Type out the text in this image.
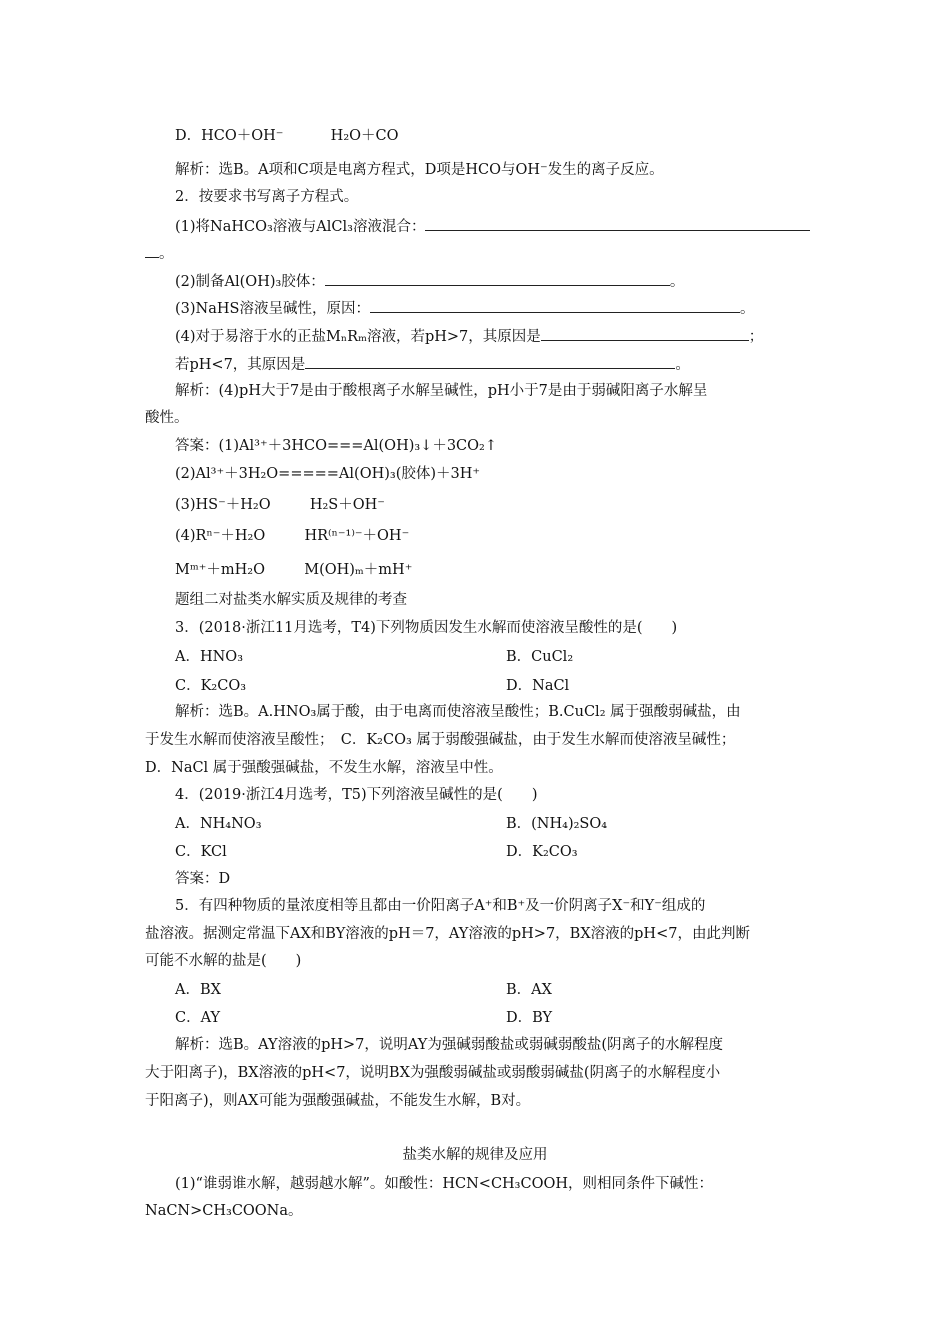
D．HCO＋OH⁻	H₂O＋CO
解析：选B。A项和C项是电离方程式，D项是HCO与OH⁻发生的离子反应。
2．按要求书写离子方程式。
(1)将NaHCO₃溶液与AlCl₃溶液混合：
。
(2)制备Al(OH)₃胶体：	。
(3)NaHS溶液呈碱性，原因：	。
(4)对于易溶于水的正盐MₙRₘ溶液，若pH>7，其原因是	；
若pH<7，其原因是	。
解析：(4)pH大于7是由于酸根离子水解呈碱性，pH小于7是由于弱碱阳离子水解呈
酸性。
答案：(1)Al³⁺＋3HCO===Al(OH)₃↓＋3CO₂↑
(2)Al³⁺＋3H₂O=====Al(OH)₃(胶体)＋3H⁺
(3)HS⁻＋H₂O	H₂S＋OH⁻
(4)Rⁿ⁻＋H₂O	HR⁽ⁿ⁻¹⁾⁻＋OH⁻
Mᵐ⁺＋mH₂O	M(OH)ₘ＋mH⁺
题组二对盐类水解实质及规律的考查
3．(2018·浙江11月选考，T4)下列物质因发生水解而使溶液呈酸性的是(　　)
A．HNO₃	B．CuCl₂
C．K₂CO₃	D．NaCl
解析：选B。A.HNO₃属于酸，由于电离而使溶液呈酸性；B.CuCl₂ 属于强酸弱碱盐，由
于发生水解而使溶液呈酸性；　C．K₂CO₃ 属于弱酸强碱盐，由于发生水解而使溶液呈碱性；
D．NaCl 属于强酸强碱盐，不发生水解，溶液呈中性。
4．(2019·浙江4月选考，T5)下列溶液呈碱性的是(　　)
A．NH₄NO₃	B．(NH₄)₂SO₄
C．KCl	D．K₂CO₃
答案：D
5．有四种物质的量浓度相等且都由一价阳离子A⁺和B⁺及一价阴离子X⁻和Y⁻组成的
盐溶液。据测定常温下AX和BY溶液的pH＝7，AY溶液的pH>7，BX溶液的pH<7，由此判断
可能不水解的盐是(　　)
A．BX	B．AX
C．AY	D．BY
解析：选B。AY溶液的pH>7，说明AY为强碱弱酸盐或弱碱弱酸盐(阴离子的水解程度
大于阳离子)，BX溶液的pH<7，说明BX为强酸弱碱盐或弱酸弱碱盐(阴离子的水解程度小
于阳离子)，则AX可能为强酸强碱盐，不能发生水解，B对。
盐类水解的规律及应用
(1)“谁弱谁水解，越弱越水解”。如酸性：HCN<CH₃COOH，则相同条件下碱性：
NaCN>CH₃COONa。
